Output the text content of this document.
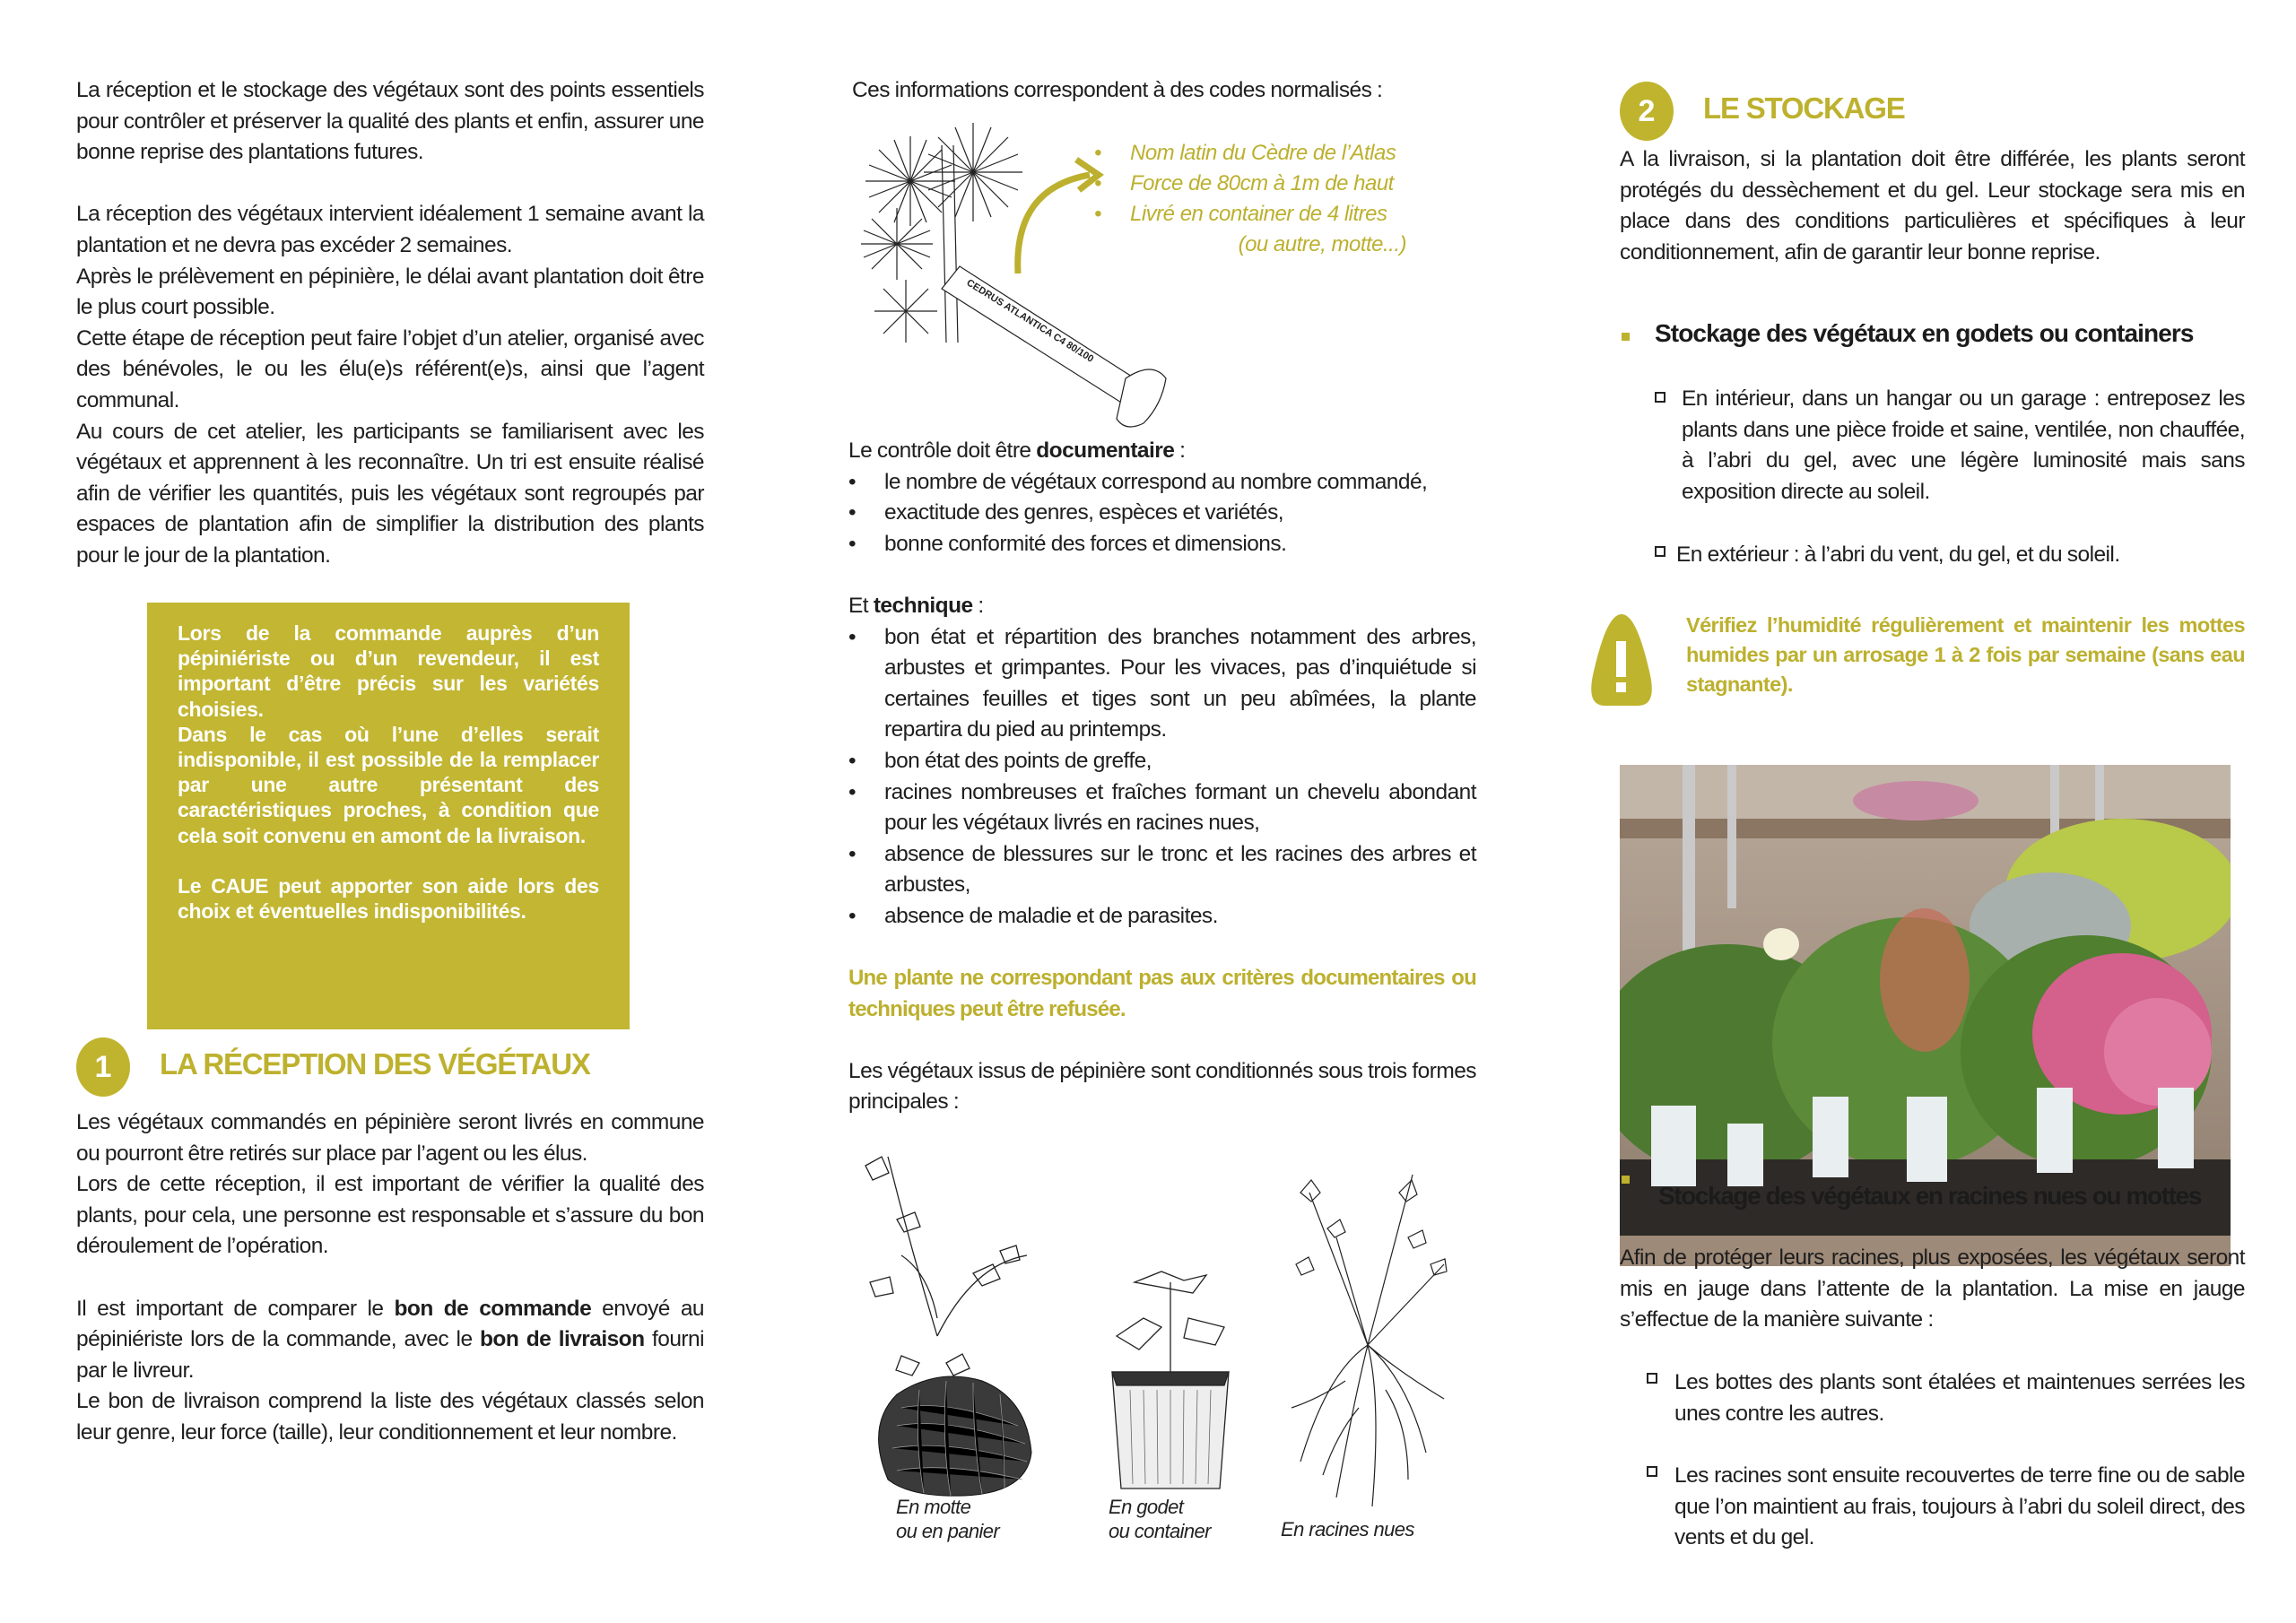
La réception et le stockage des végétaux sont des points essentiels pour contrôler et préserver la qualité des plants et enfin, assurer une bonne reprise des plantations futures.

La réception des végétaux intervient idéalement 1 semaine avant la plantation et ne devra pas excéder 2 semaines.

Après le prélèvement en pépinière, le délai avant plantation doit être le plus court possible.

Cette étape de réception peut faire l’objet d’un atelier, organisé avec des bénévoles, le ou les élu(e)s référent(e)s, ainsi que l’agent communal.

Au cours de cet atelier, les participants se familiarisent avec les végétaux et apprennent à les reconnaître. Un tri est ensuite réalisé afin de vérifier les quantités, puis les végétaux sont regroupés par espaces de plantation afin de simplifier la distribution des plants pour le jour de la plantation.

Lors de la commande auprès d’un pépiniériste ou d’un revendeur, il est important d’être précis sur les variétés choisies.

Dans le cas où l’une d’elles serait indisponible, il est possible de la remplacer par une autre présentant des caractéristiques proches, à condition que cela soit convenu en amont de la livraison.

Le CAUE peut apporter son aide lors des choix et éventuelles indisponibilités.

1 LA RÉCEPTION DES VÉGÉTAUX

Les végétaux commandés en pépinière seront livrés en commune ou pourront être retirés sur place par l’agent ou les élus.

Lors de cette réception, il est important de vérifier la qualité des plants, pour cela, une personne est responsable et s’assure du bon déroulement de l’opération.

Il est important de comparer le bon de commande envoyé au pépiniériste lors de la commande, avec le bon de livraison fourni par le livreur.

Le bon de livraison comprend la liste des végétaux classés selon leur genre, leur force (taille), leur conditionnement et leur nombre.

Ces informations correspondent à des codes normalisés :
CEDRUS ATLANTICA C4 80/100
• Nom latin du Cèdre de l’Atlas
• Force de 80cm à 1m de haut
• Livré en container de 4 litres
(ou autre, motte...)

Le contrôle doit être documentaire :

• le nombre de végétaux correspond au nombre commandé,
• exactitude des genres, espèces et variétés,
• bonne conformité des forces et dimensions.

Et technique :

• bon état et répartition des branches notamment des arbres, arbustes et grimpantes. Pour les vivaces, pas d’inquiétude si certaines feuilles et tiges sont un peu abîmées, la plante repartira du pied au printemps.
• bon état des points de greffe,
• racines nombreuses et fraîches formant un chevelu abondant pour les végétaux livrés en racines nues,
• absence de blessures sur le tronc et les racines des arbres et arbustes,
• absence de maladie et de parasites.

Une plante ne correspondant pas aux critères documentaires ou techniques peut être refusée.

Les végétaux issus de pépinière sont conditionnés sous trois formes principales :

En motte
ou en panier
En godet
ou container	En racines nues
2 LE STOCKAGE
A la livraison, si la plantation doit être différée, les plants seront protégés du dessèchement et du gel. Leur stockage sera mis en place dans des conditions particulières et spécifiques à leur conditionnement, afin de garantir leur bonne reprise.
Stockage des végétaux en godets ou containers
En intérieur, dans un hangar ou un garage : entreposez les plants dans une pièce froide et saine, ventilée, non chauffée, à l’abri du gel, avec une légère luminosité mais sans exposition directe au soleil.
En extérieur : à l’abri du vent, du gel, et du soleil.
Vérifiez l’humidité régulièrement et maintenir les mottes humides par un arrosage 1 à 2 fois par semaine (sans eau stagnante).
Stockage des végétaux en racines nues ou mottes
Afin de protéger leurs racines, plus exposées, les végétaux seront mis en jauge dans l’attente de la plantation. La mise en jauge s’effectue de la manière suivante :
Les bottes des plants sont étalées et maintenues serrées les unes contre les autres.
Les racines sont ensuite recouvertes de terre fine ou de sable que l’on maintient au frais, toujours à l’abri du soleil direct, des vents et du gel.
